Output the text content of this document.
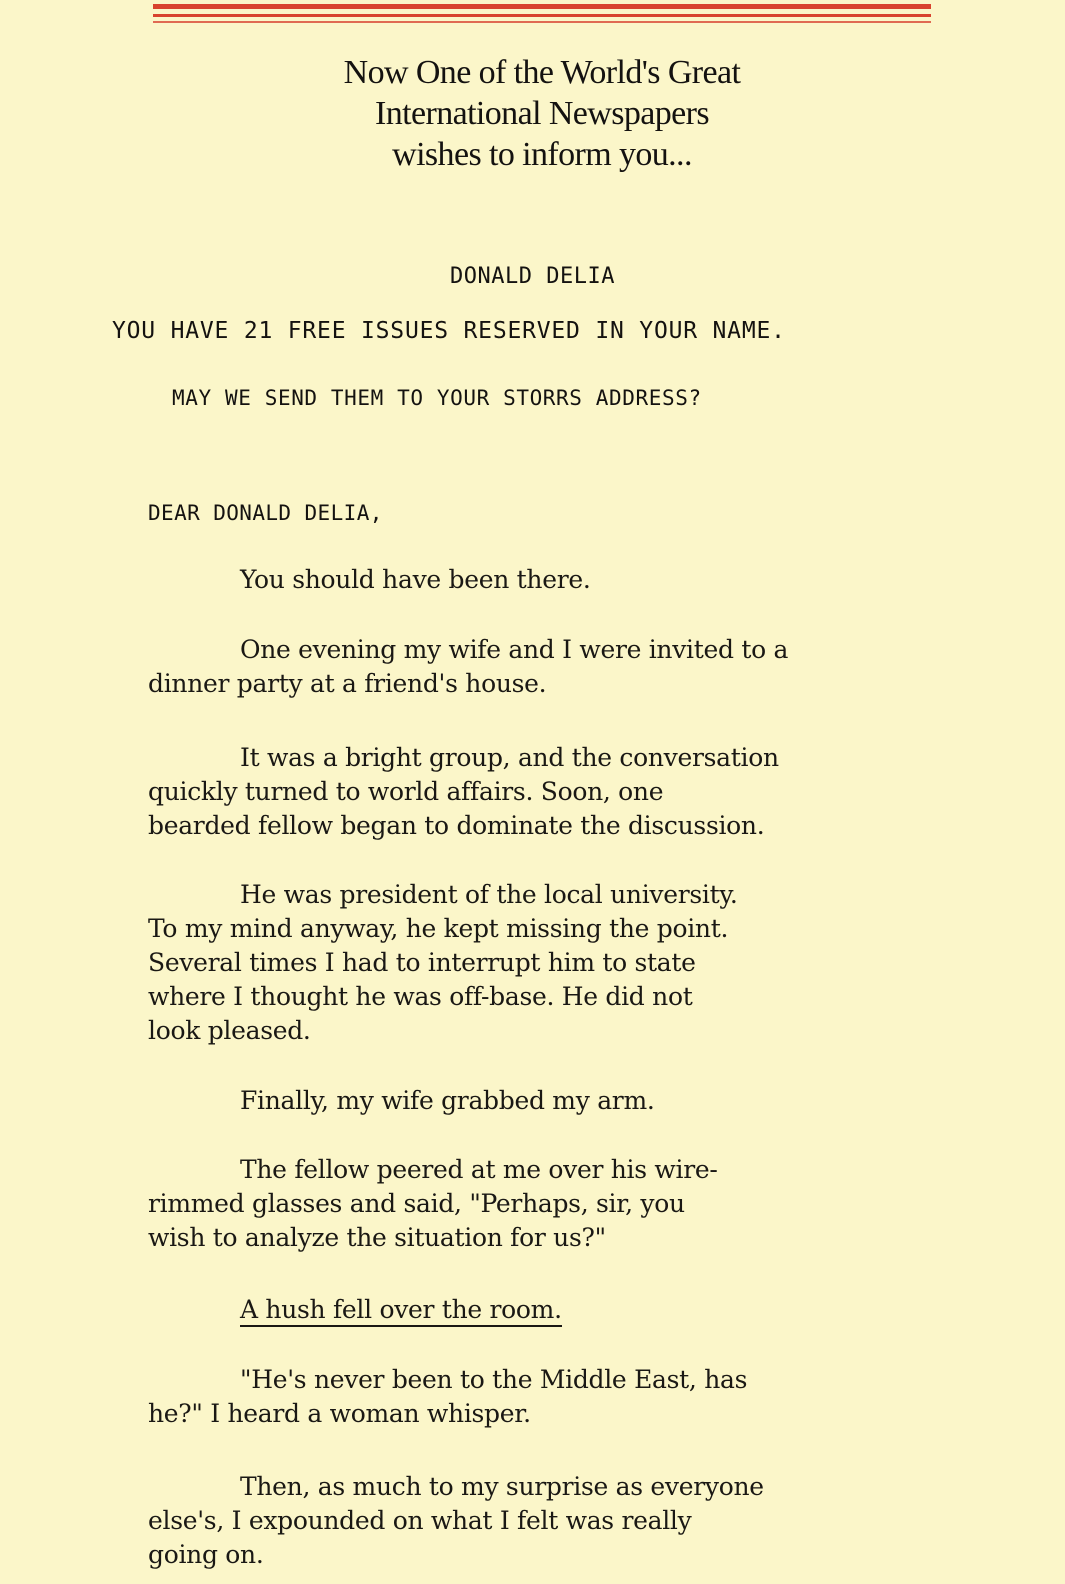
Now One of the World's Great
International Newspapers
wishes to inform you...
DONALD DELIA
YOU HAVE 21 FREE ISSUES RESERVED IN YOUR NAME.
MAY WE SEND THEM TO YOUR STORRS ADDRESS?
DEAR DONALD DELIA,
You should have been there.
One evening my wife and I were invited to a
dinner party at a friend's house.
It was a bright group, and the conversation
quickly turned to world affairs. Soon, one
bearded fellow began to dominate the discussion.
He was president of the local university.
To my mind anyway, he kept missing the point.
Several times I had to interrupt him to state
where I thought he was off-base. He did not
look pleased.
Finally, my wife grabbed my arm.
The fellow peered at me over his wire-
rimmed glasses and said, "Perhaps, sir, you
wish to analyze the situation for us?"
A hush fell over the room.
"He's never been to the Middle East, has
he?" I heard a woman whisper.
Then, as much to my surprise as everyone
else's, I expounded on what I felt was really
going on.
